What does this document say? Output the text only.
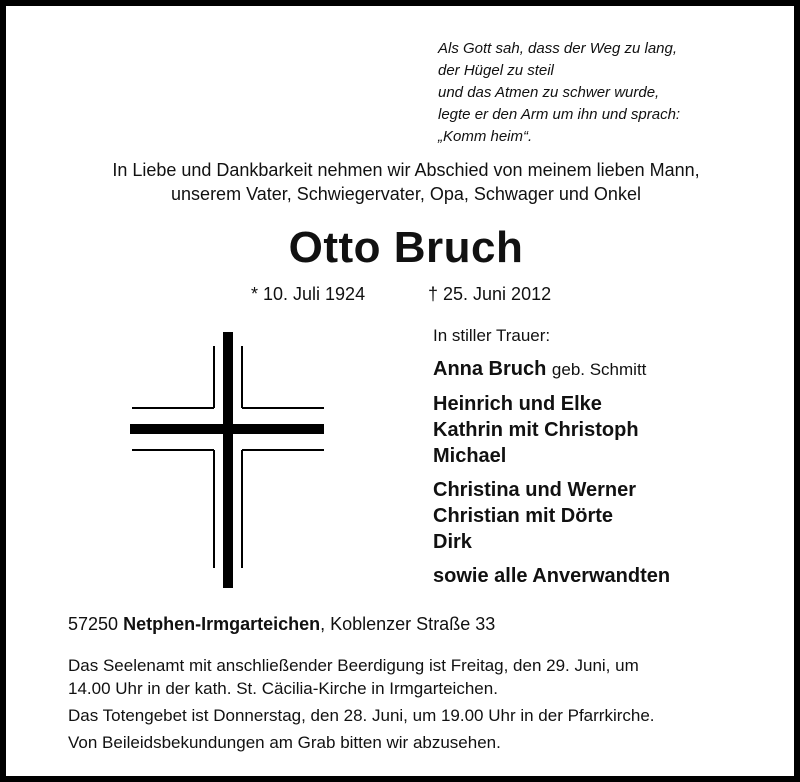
Als Gott sah, dass der Weg zu lang,
der Hügel zu steil
und das Atmen zu schwer wurde,
legte er den Arm um ihn und sprach:
„Komm heim“.
In Liebe und Dankbarkeit nehmen wir Abschied von meinem lieben Mann,
unserem Vater, Schwiegervater, Opa, Schwager und Onkel
Otto Bruch
* 10. Juli 1924	† 25. Juni 2012
In stiller Trauer:
Anna Bruch geb. Schmitt
Heinrich und Elke
Kathrin mit Christoph
Michael
Christina und Werner
Christian mit Dörte
Dirk
sowie alle Anverwandten
57250 Netphen-Irmgarteichen, Koblenzer Straße 33

Das Seelenamt mit anschließender Beerdigung ist Freitag, den 29. Juni, um
14.00 Uhr in der kath. St. Cäcilia-Kirche in Irmgarteichen.

Das Totengebet ist Donnerstag, den 28. Juni, um 19.00 Uhr in der Pfarrkirche.

Von Beileidsbekundungen am Grab bitten wir abzusehen.
